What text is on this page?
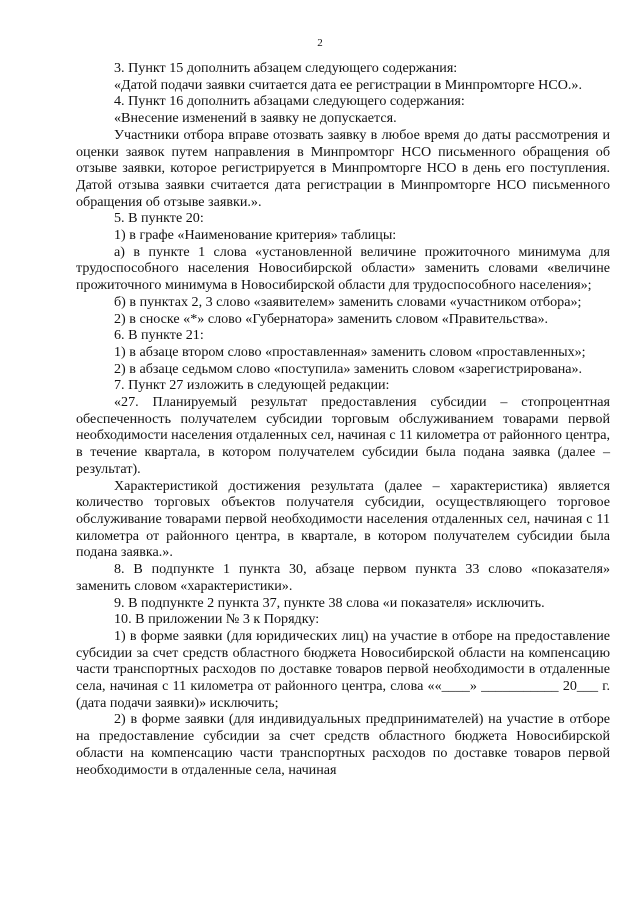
2

3. Пункт 15 дополнить абзацем следующего содержания:

«Датой подачи заявки считается дата ее регистрации в Минпромторге НСО.».

4. Пункт 16 дополнить абзацами следующего содержания:

«Внесение изменений в заявку не допускается.

Участники отбора вправе отозвать заявку в любое время до даты рассмотрения и оценки заявок путем направления в Минпромторг НСО письменного обращения об отзыве заявки, которое регистрируется в Минпромторге НСО в день его поступления. Датой отзыва заявки считается дата регистрации в Минпромторге НСО письменного обращения об отзыве заявки.».

5. В пункте 20:

1) в графе «Наименование критерия» таблицы:

а) в пункте 1 слова «установленной величине прожиточного минимума для трудоспособного населения Новосибирской области» заменить словами «величине прожиточного минимума в Новосибирской области для трудоспособного населения»;

б) в пунктах 2, 3 слово «заявителем» заменить словами «участником отбора»;

2) в сноске «*» слово «Губернатора» заменить словом «Правительства».

6. В пункте 21:

1) в абзаце втором слово «проставленная» заменить словом «проставленных»;

2) в абзаце седьмом слово «поступила» заменить словом «зарегистрирована».

7. Пункт 27 изложить в следующей редакции:

«27. Планируемый результат предоставления субсидии – стопроцентная обеспеченность получателем субсидии торговым обслуживанием товарами первой необходимости населения отдаленных сел, начиная с 11 километра от районного центра, в течение квартала, в котором получателем субсидии была подана заявка (далее – результат).

Характеристикой достижения результата (далее – характеристика) является количество торговых объектов получателя субсидии, осуществляющего торговое обслуживание товарами первой необходимости населения отдаленных сел, начиная с 11 километра от районного центра, в квартале, в котором получателем субсидии была подана заявка.».

8. В подпункте 1 пункта 30, абзаце первом пункта 33 слово «показателя» заменить словом «характеристики».

9. В подпункте 2 пункта 37, пункте 38 слова «и показателя» исключить.

10. В приложении № 3 к Порядку:

1) в форме заявки (для юридических лиц) на участие в отборе на предоставление субсидии за счет средств областного бюджета Новосибирской области на компенсацию части транспортных расходов по доставке товаров первой необходимости в отдаленные села, начиная с 11 километра от районного центра, слова ««____» ___________ 20___ г. (дата подачи заявки)» исключить;

2) в форме заявки (для индивидуальных предпринимателей) на участие в отборе на предоставление субсидии за счет средств областного бюджета Новосибирской области на компенсацию части транспортных расходов по доставке товаров первой необходимости в отдаленные села, начиная
